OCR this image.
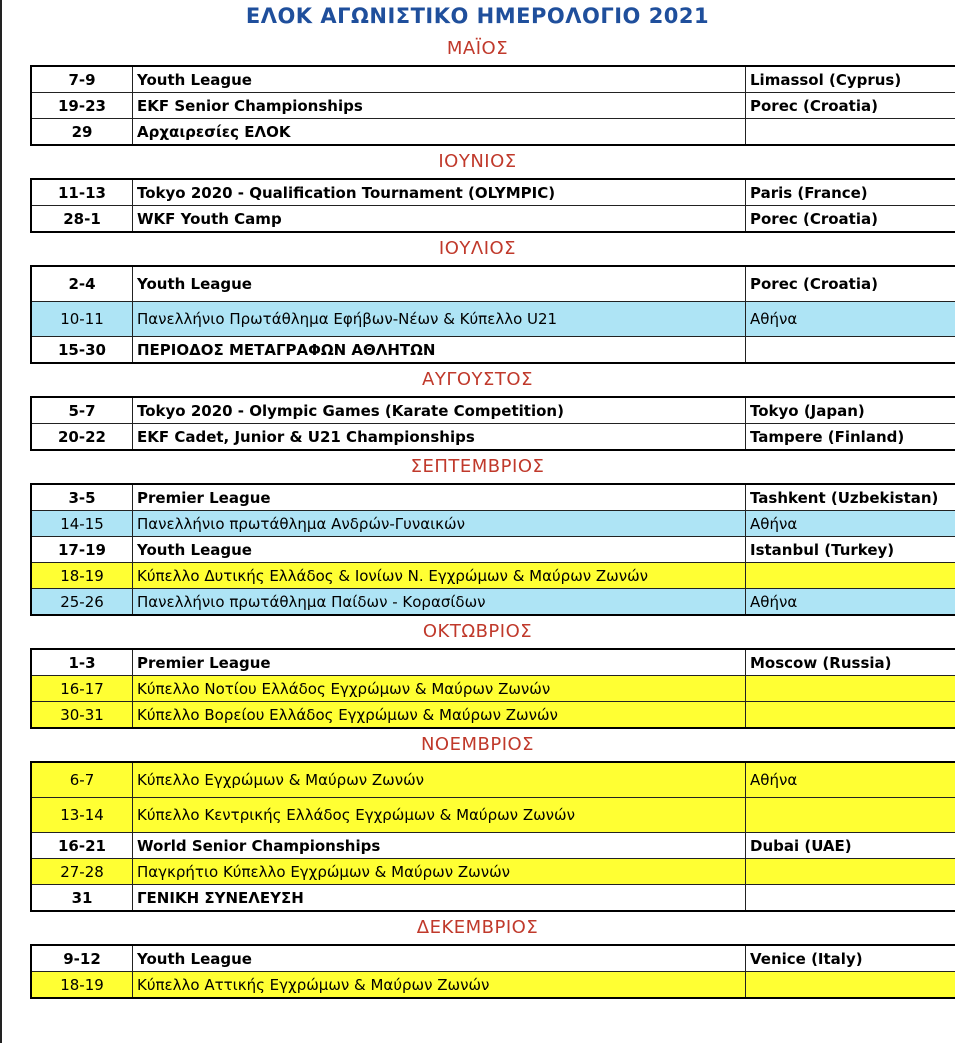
ΕΛΟΚ ΑΓΩΝΙΣΤΙΚΟ ΗΜΕΡΟΛΟΓΙΟ 2021
ΜΑΪΟΣ
7-9	Youth League	Limassol (Cyprus)
19-23	EKF Senior Championships	Porec (Croatia)
29	Αρχαιρεσίες ΕΛΟΚ	
ΙΟΥΝΙΟΣ
11-13	Tokyo 2020 - Qualification Tournament (OLYMPIC)	Paris (France)
28-1	WKF Youth Camp	Porec (Croatia)
ΙΟΥΛΙΟΣ
2-4	Youth League	Porec (Croatia)
10-11	Πανελλήνιο Πρωτάθλημα Εφήβων-Νέων & Κύπελλο U21	Αθήνα
15-30	ΠΕΡΙΟΔΟΣ ΜΕΤΑΓΡΑΦΩΝ ΑΘΛΗΤΩΝ	
ΑΥΓΟΥΣΤΟΣ
5-7	Tokyo 2020 - Olympic Games (Karate Competition)	Tokyo (Japan)
20-22	EKF Cadet, Junior & U21 Championships	Tampere (Finland)
ΣΕΠΤΕΜΒΡΙΟΣ
3-5	Premier League	Tashkent (Uzbekistan)
14-15	Πανελλήνιο πρωτάθλημα Ανδρών-Γυναικών	Αθήνα
17-19	Youth League	Istanbul (Turkey)
18-19	Κύπελλο Δυτικής Ελλάδος & Ιονίων Ν. Εγχρώμων & Μαύρων Ζωνών	
25-26	Πανελλήνιο πρωτάθλημα Παίδων - Κορασίδων	Αθήνα
ΟΚΤΩΒΡΙΟΣ
1-3	Premier League	Moscow (Russia)
16-17	Κύπελλο Νοτίου Ελλάδος Εγχρώμων & Μαύρων Ζωνών	
30-31	Κύπελλο Βορείου Ελλάδος Εγχρώμων & Μαύρων Ζωνών	
ΝΟΕΜΒΡΙΟΣ
6-7	Κύπελλο Εγχρώμων & Μαύρων Ζωνών	Αθήνα
13-14	Κύπελλο Κεντρικής Ελλάδος Εγχρώμων & Μαύρων Ζωνών	
16-21	World Senior Championships	Dubai (UAE)
27-28	Παγκρήτιο Κύπελλο Εγχρώμων & Μαύρων Ζωνών	
31	ΓΕΝΙΚΗ ΣΥΝΕΛΕΥΣΗ	
ΔΕΚΕΜΒΡΙΟΣ
9-12	Youth League	Venice (Italy)
18-19	Κύπελλο Αττικής Εγχρώμων & Μαύρων Ζωνών	
